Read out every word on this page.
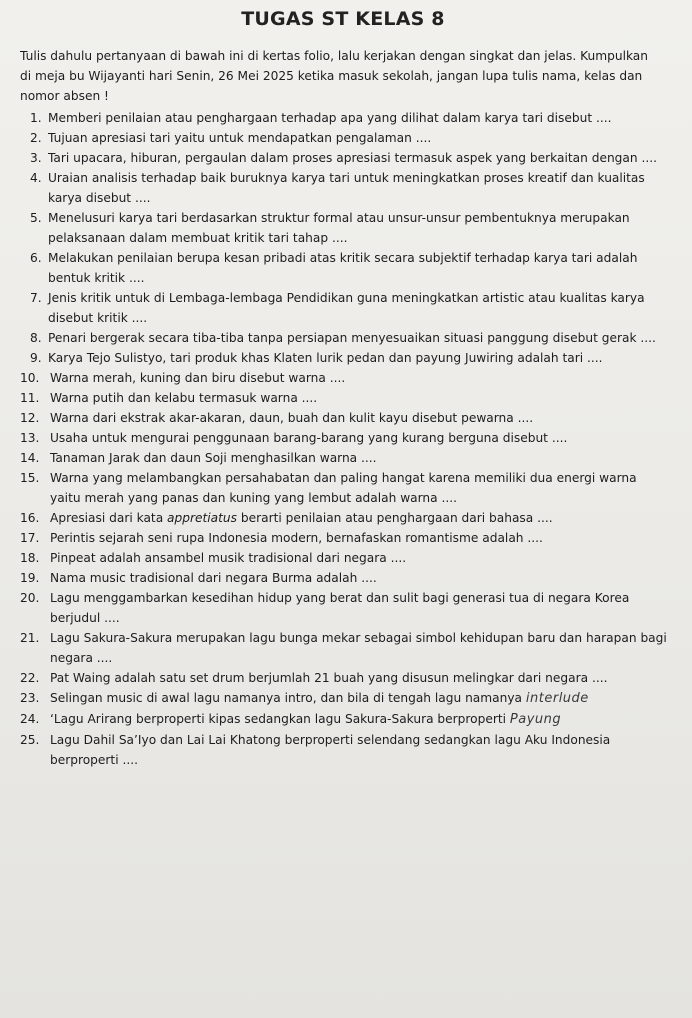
TUGAS ST KELAS 8
Tulis dahulu pertanyaan di bawah ini di kertas folio, lalu kerjakan dengan singkat dan jelas. Kumpulkan di meja bu Wijayanti hari Senin, 26 Mei 2025 ketika masuk sekolah, jangan lupa tulis nama, kelas dan nomor absen !
1. Memberi penilaian atau penghargaan terhadap apa yang dilihat dalam karya tari disebut ....
2. Tujuan apresiasi tari yaitu untuk mendapatkan pengalaman ....
3. Tari upacara, hiburan, pergaulan dalam proses apresiasi termasuk aspek yang berkaitan dengan ....
4. Uraian analisis terhadap baik buruknya karya tari untuk meningkatkan proses kreatif dan kualitas karya disebut ....
5. Menelusuri karya tari berdasarkan struktur formal atau unsur-unsur pembentuknya merupakan pelaksanaan dalam membuat kritik tari tahap ....
6. Melakukan penilaian berupa kesan pribadi atas kritik secara subjektif terhadap karya tari adalah bentuk kritik ....
7. Jenis kritik untuk di Lembaga-lembaga Pendidikan guna meningkatkan artistic atau kualitas karya disebut kritik ....
8. Penari bergerak secara tiba-tiba tanpa persiapan menyesuaikan situasi panggung disebut gerak ....
9. Karya Tejo Sulistyo, tari produk khas Klaten lurik pedan dan payung Juwiring adalah tari ....
10. Warna merah, kuning dan biru disebut warna ....
11. Warna putih dan kelabu termasuk warna ....
12. Warna dari ekstrak akar-akaran, daun, buah dan kulit kayu disebut pewarna ....
13. Usaha untuk mengurai penggunaan barang-barang yang kurang berguna disebut ....
14. Tanaman Jarak dan daun Soji menghasilkan warna ....
15. Warna yang melambangkan persahabatan dan paling hangat karena memiliki dua energi warna yaitu merah yang panas dan kuning yang lembut adalah warna ....
16. Apresiasi dari kata appretiatus berarti penilaian atau penghargaan dari bahasa ....
17. Perintis sejarah seni rupa Indonesia modern, bernafaskan romantisme adalah ....
18. Pinpeat adalah ansambel musik tradisional dari negara ....
19. Nama music tradisional dari negara Burma adalah ....
20. Lagu menggambarkan kesedihan hidup yang berat dan sulit bagi generasi tua di negara Korea berjudul ....
21. Lagu Sakura-Sakura merupakan lagu bunga mekar sebagai simbol kehidupan baru dan harapan bagi negara ....
22. Pat Waing adalah satu set drum berjumlah 21 buah yang disusun melingkar dari negara ....
23. Selingan music di awal lagu namanya intro, dan bila di tengah lagu namanya interlude
24. ‘Lagu Arirang berproperti kipas sedangkan lagu Sakura-Sakura berproperti Payung
25. Lagu Dahil Sa’Iyo dan Lai Lai Khatong berproperti selendang sedangkan lagu Aku Indonesia berproperti ....
